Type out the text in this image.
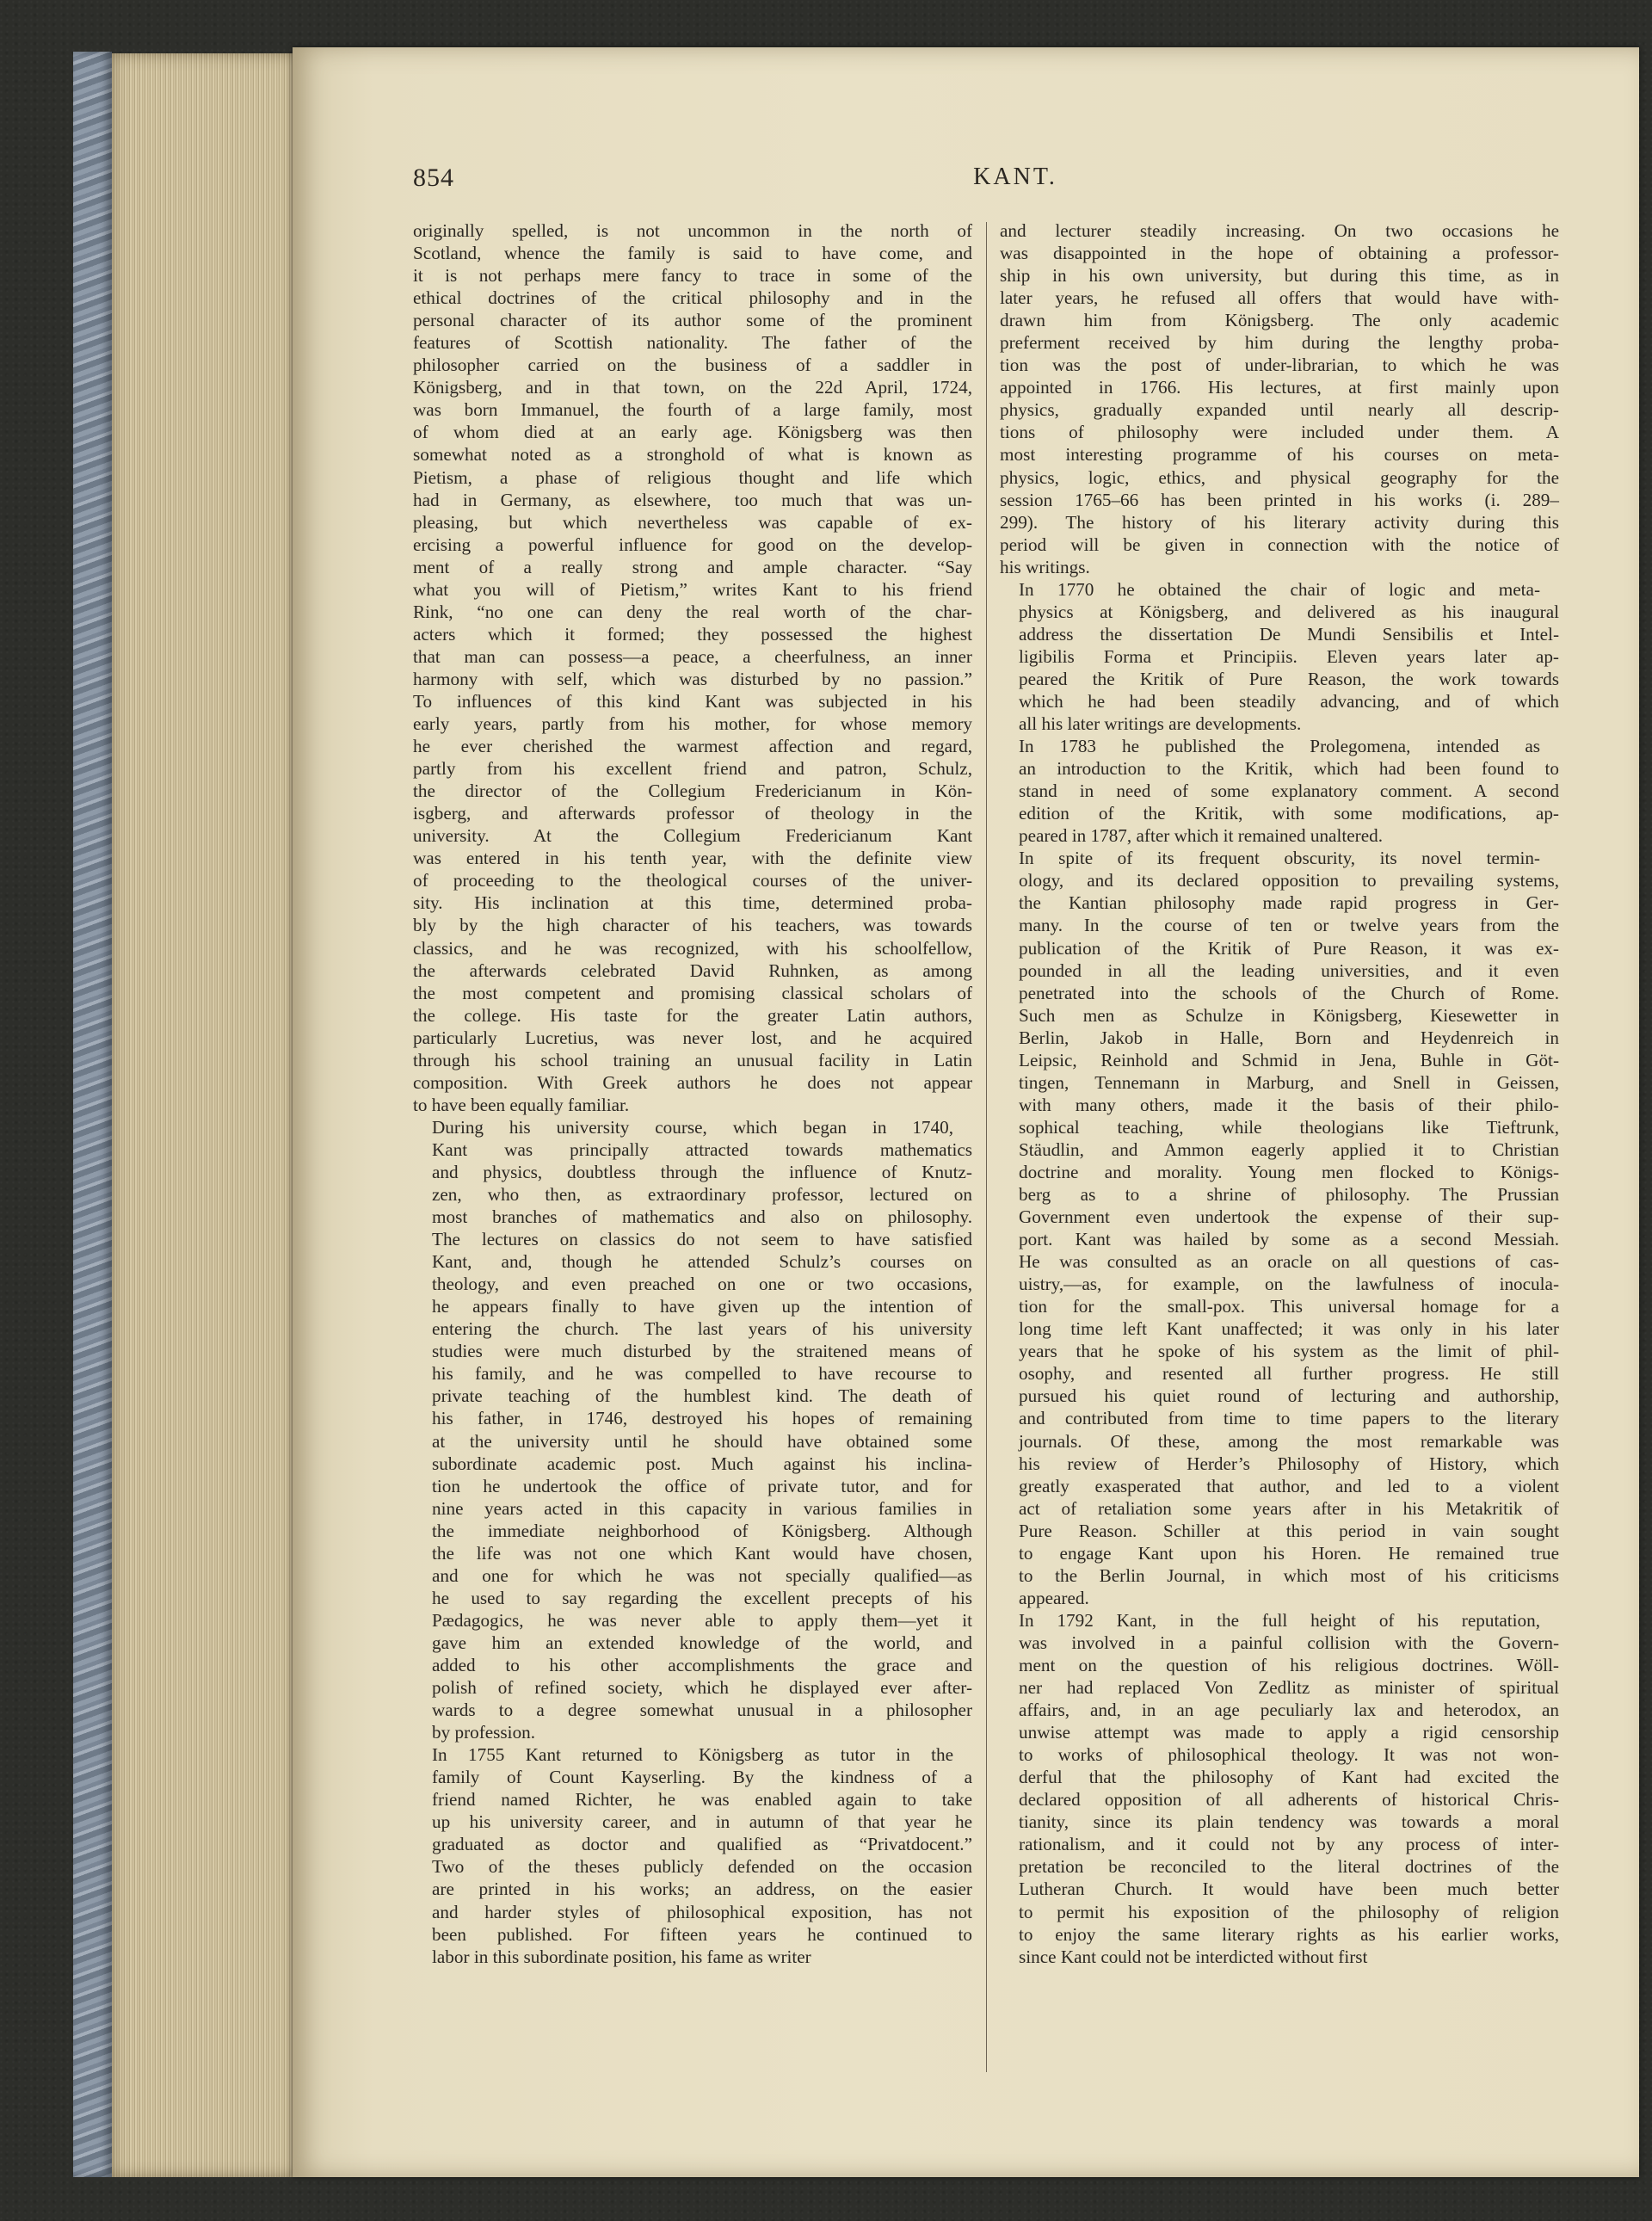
854	KANT.

originally spelled, is not uncommon in the north of
Scotland, whence the family is said to have come, and
it is not perhaps mere fancy to trace in some of the
ethical doctrines of the critical philosophy and in the
personal character of its author some of the prominent
features of Scottish nationality. The father of the
philosopher carried on the business of a saddler in
Königsberg, and in that town, on the 22d April, 1724,
was born Immanuel, the fourth of a large family, most
of whom died at an early age. Königsberg was then
somewhat noted as a stronghold of what is known as
Pietism, a phase of religious thought and life which
had in Germany, as elsewhere, too much that was un-
pleasing, but which nevertheless was capable of ex-
ercising a powerful influence for good on the develop-
ment of a really strong and ample character. “Say
what you will of Pietism,” writes Kant to his friend
Rink, “no one can deny the real worth of the char-
acters which it formed; they possessed the highest
that man can possess—a peace, a cheerfulness, an inner
harmony with self, which was disturbed by no passion.”
To influences of this kind Kant was subjected in his
early years, partly from his mother, for whose memory
he ever cherished the warmest affection and regard,
partly from his excellent friend and patron, Schulz,
the director of the Collegium Fredericianum in Kön-
isgberg, and afterwards professor of theology in the
university. At the Collegium Fredericianum Kant
was entered in his tenth year, with the definite view
of proceeding to the theological courses of the univer-
sity. His inclination at this time, determined proba-
bly by the high character of his teachers, was towards
classics, and he was recognized, with his schoolfellow,
the afterwards celebrated David Ruhnken, as among
the most competent and promising classical scholars of
the college. His taste for the greater Latin authors,
particularly Lucretius, was never lost, and he acquired
through his school training an unusual facility in Latin
composition. With Greek authors he does not appear
to have been equally familiar.

During his university course, which began in 1740,
Kant was principally attracted towards mathematics
and physics, doubtless through the influence of Knutz-
zen, who then, as extraordinary professor, lectured on
most branches of mathematics and also on philosophy.
The lectures on classics do not seem to have satisfied
Kant, and, though he attended Schulz’s courses on
theology, and even preached on one or two occasions,
he appears finally to have given up the intention of
entering the church. The last years of his university
studies were much disturbed by the straitened means of
his family, and he was compelled to have recourse to
private teaching of the humblest kind. The death of
his father, in 1746, destroyed his hopes of remaining
at the university until he should have obtained some
subordinate academic post. Much against his inclina-
tion he undertook the office of private tutor, and for
nine years acted in this capacity in various families in
the immediate neighborhood of Königsberg. Although
the life was not one which Kant would have chosen,
and one for which he was not specially qualified—as
he used to say regarding the excellent precepts of his
Pædagogics, he was never able to apply them—yet it
gave him an extended knowledge of the world, and
added to his other accomplishments the grace and
polish of refined society, which he displayed ever after-
wards to a degree somewhat unusual in a philosopher
by profession.

In 1755 Kant returned to Königsberg as tutor in the
family of Count Kayserling. By the kindness of a
friend named Richter, he was enabled again to take
up his university career, and in autumn of that year he
graduated as doctor and qualified as “Privatdocent.”
Two of the theses publicly defended on the occasion
are printed in his works; an address, on the easier
and harder styles of philosophical exposition, has not
been published. For fifteen years he continued to
labor in this subordinate position, his fame as writer

and lecturer steadily increasing. On two occasions he
was disappointed in the hope of obtaining a professor-
ship in his own university, but during this time, as in
later years, he refused all offers that would have with-
drawn him from Königsberg. The only academic
preferment received by him during the lengthy proba-
tion was the post of under-librarian, to which he was
appointed in 1766. His lectures, at first mainly upon
physics, gradually expanded until nearly all descrip-
tions of philosophy were included under them. A
most interesting programme of his courses on meta-
physics, logic, ethics, and physical geography for the
session 1765–66 has been printed in his works (i. 289–
299). The history of his literary activity during this
period will be given in connection with the notice of
his writings.

In 1770 he obtained the chair of logic and meta-
physics at Königsberg, and delivered as his inaugural
address the dissertation De Mundi Sensibilis et Intel-
ligibilis Forma et Principiis. Eleven years later ap-
peared the Kritik of Pure Reason, the work towards
which he had been steadily advancing, and of which
all his later writings are developments.

In 1783 he published the Prolegomena, intended as
an introduction to the Kritik, which had been found to
stand in need of some explanatory comment. A second
edition of the Kritik, with some modifications, ap-
peared in 1787, after which it remained unaltered.

In spite of its frequent obscurity, its novel termin-
ology, and its declared opposition to prevailing systems,
the Kantian philosophy made rapid progress in Ger-
many. In the course of ten or twelve years from the
publication of the Kritik of Pure Reason, it was ex-
pounded in all the leading universities, and it even
penetrated into the schools of the Church of Rome.
Such men as Schulze in Königsberg, Kiesewetter in
Berlin, Jakob in Halle, Born and Heydenreich in
Leipsic, Reinhold and Schmid in Jena, Buhle in Göt-
tingen, Tennemann in Marburg, and Snell in Geissen,
with many others, made it the basis of their philo-
sophical teaching, while theologians like Tieftrunk,
Stäudlin, and Ammon eagerly applied it to Christian
doctrine and morality. Young men flocked to Königs-
berg as to a shrine of philosophy. The Prussian
Government even undertook the expense of their sup-
port. Kant was hailed by some as a second Messiah.
He was consulted as an oracle on all questions of cas-
uistry,—as, for example, on the lawfulness of inocula-
tion for the small-pox. This universal homage for a
long time left Kant unaffected; it was only in his later
years that he spoke of his system as the limit of phil-
osophy, and resented all further progress. He still
pursued his quiet round of lecturing and authorship,
and contributed from time to time papers to the literary
journals. Of these, among the most remarkable was
his review of Herder’s Philosophy of History, which
greatly exasperated that author, and led to a violent
act of retaliation some years after in his Metakritik of
Pure Reason. Schiller at this period in vain sought
to engage Kant upon his Horen. He remained true
to the Berlin Journal, in which most of his criticisms
appeared.

In 1792 Kant, in the full height of his reputation,
was involved in a painful collision with the Govern-
ment on the question of his religious doctrines. Wöll-
ner had replaced Von Zedlitz as minister of spiritual
affairs, and, in an age peculiarly lax and heterodox, an
unwise attempt was made to apply a rigid censorship
to works of philosophical theology. It was not won-
derful that the philosophy of Kant had excited the
declared opposition of all adherents of historical Chris-
tianity, since its plain tendency was towards a moral
rationalism, and it could not by any process of inter-
pretation be reconciled to the literal doctrines of the
Lutheran Church. It would have been much better
to permit his exposition of the philosophy of religion
to enjoy the same literary rights as his earlier works,
since Kant could not be interdicted without first
